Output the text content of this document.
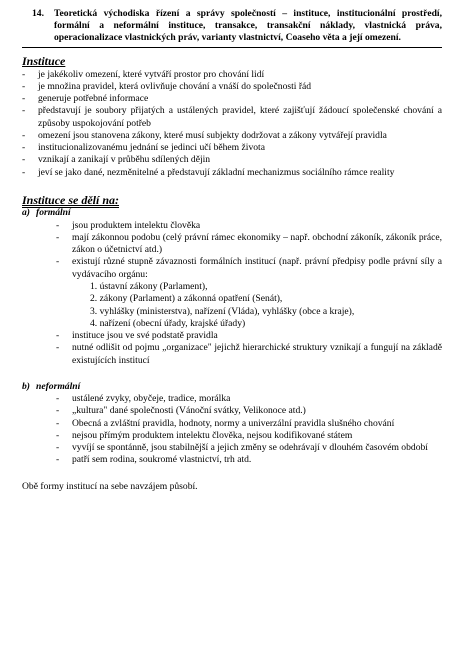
14. Teoretická východiska řízení a správy společností – instituce, institucionální prostředí, formální a neformální instituce, transakce, transakční náklady, vlastnická práva, operacionalizace vlastnických práv, varianty vlastnictví, Coaseho věta a její omezení.
Instituce
- je jakékoliv omezení, které vytváří prostor pro chování lidí
- je množina pravidel, která ovlivňuje chování a vnáší do společnosti řád
- generuje potřebné informace
- představují je soubory přijatých a ustálených pravidel, které zajišťují žádoucí společenské chování a způsoby uspokojování potřeb
- omezení jsou stanovena zákony, které musí subjekty dodržovat a zákony vytvářejí pravidla
- institucionalizovanému jednání se jedinci učí během života
- vznikají a zanikají v průběhu sdílených dějin
- jeví se jako dané, nezměnitelné a představují základní mechanizmus sociálního rámce reality
Instituce se dělí na:
a) formální
- jsou produktem intelektu člověka
- mají zákonnou podobu (celý právní rámec ekonomiky – např. obchodní zákoník, zákoník práce, zákon o účetnictví atd.)
- existují různé stupně závaznosti formálních institucí (např. právní předpisy podle právní síly a vydávacího orgánu:
1. ústavní zákony (Parlament),
2. zákony (Parlament) a zákonná opatření (Senát),
3. vyhlášky (ministerstva), nařízení (Vláda), vyhlášky (obce a kraje),
4. nařízení (obecní úřady, krajské úřady)
- instituce jsou ve své podstatě pravidla
- nutné odlišit od pojmu „organizace" jejichž hierarchické struktury vznikají a fungují na základě existujících institucí
b) neformální
- ustálené zvyky, obyčeje, tradice, morálka
- „kultura" dané společnosti (Vánoční svátky, Velikonoce atd.)
- Obecná a zvláštní pravidla, hodnoty, normy a univerzální pravidla slušného chování
- nejsou přímým produktem intelektu člověka, nejsou kodifikované státem
- vyvíjí se spontánně, jsou stabilnější a jejich změny se odehrávají v dlouhém časovém období
- patří sem rodina, soukromé vlastnictví, trh atd.
Obě formy institucí na sebe navzájem působí.
